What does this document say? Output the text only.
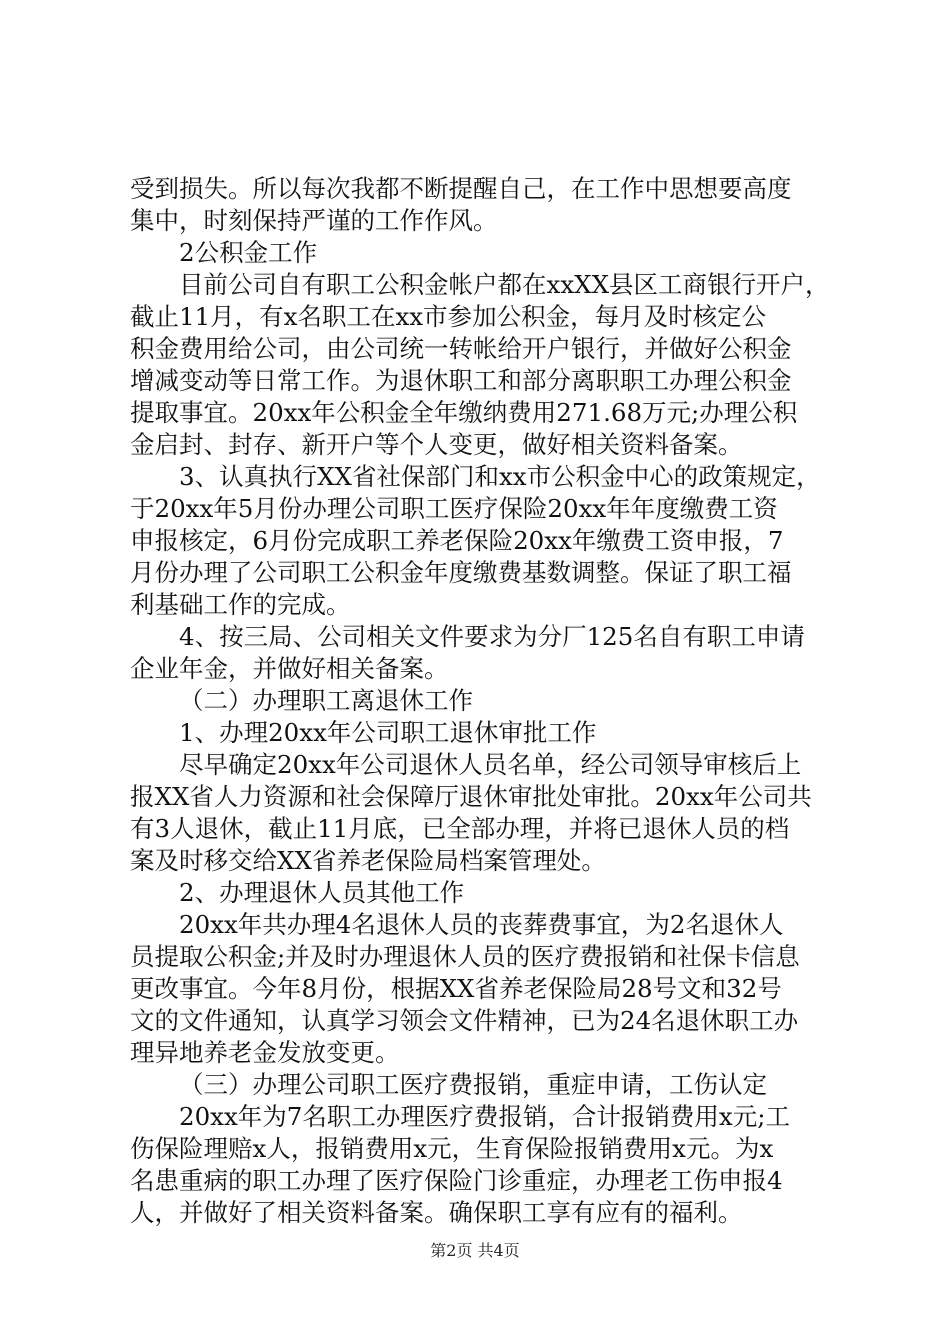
受到损失。所以每次我都不断提醒自己，在工作中思想要高度
集中，时刻保持严谨的工作作风。
2公积金工作
目前公司自有职工公积金帐户都在xxXX县区工商银行开户，
截止11月，有x名职工在xx市参加公积金，每月及时核定公
积金费用给公司，由公司统一转帐给开户银行，并做好公积金
增减变动等日常工作。为退休职工和部分离职职工办理公积金
提取事宜。20xx年公积金全年缴纳费用271.68万元;办理公积
金启封、封存、新开户等个人变更，做好相关资料备案。
3、认真执行XX省社保部门和xx市公积金中心的政策规定，
于20xx年5月份办理公司职工医疗保险20xx年年度缴费工资
申报核定，6月份完成职工养老保险20xx年缴费工资申报，7
月份办理了公司职工公积金年度缴费基数调整。保证了职工福
利基础工作的完成。
4、按三局、公司相关文件要求为分厂125名自有职工申请
企业年金，并做好相关备案。
（二）办理职工离退休工作
1、办理20xx年公司职工退休审批工作
尽早确定20xx年公司退休人员名单，经公司领导审核后上
报XX省人力资源和社会保障厅退休审批处审批。20xx年公司共
有3人退休，截止11月底，已全部办理，并将已退休人员的档
案及时移交给XX省养老保险局档案管理处。
2、办理退休人员其他工作
20xx年共办理4名退休人员的丧葬费事宜，为2名退休人
员提取公积金;并及时办理退休人员的医疗费报销和社保卡信息
更改事宜。今年8月份，根据XX省养老保险局28号文和32号
文的文件通知，认真学习领会文件精神，已为24名退休职工办
理异地养老金发放变更。
（三）办理公司职工医疗费报销，重症申请，工伤认定
20xx年为7名职工办理医疗费报销，合计报销费用x元;工
伤保险理赔x人，报销费用x元，生育保险报销费用x元。为x
名患重病的职工办理了医疗保险门诊重症，办理老工伤申报4
人，并做好了相关资料备案。确保职工享有应有的福利。
第2页 共4页
